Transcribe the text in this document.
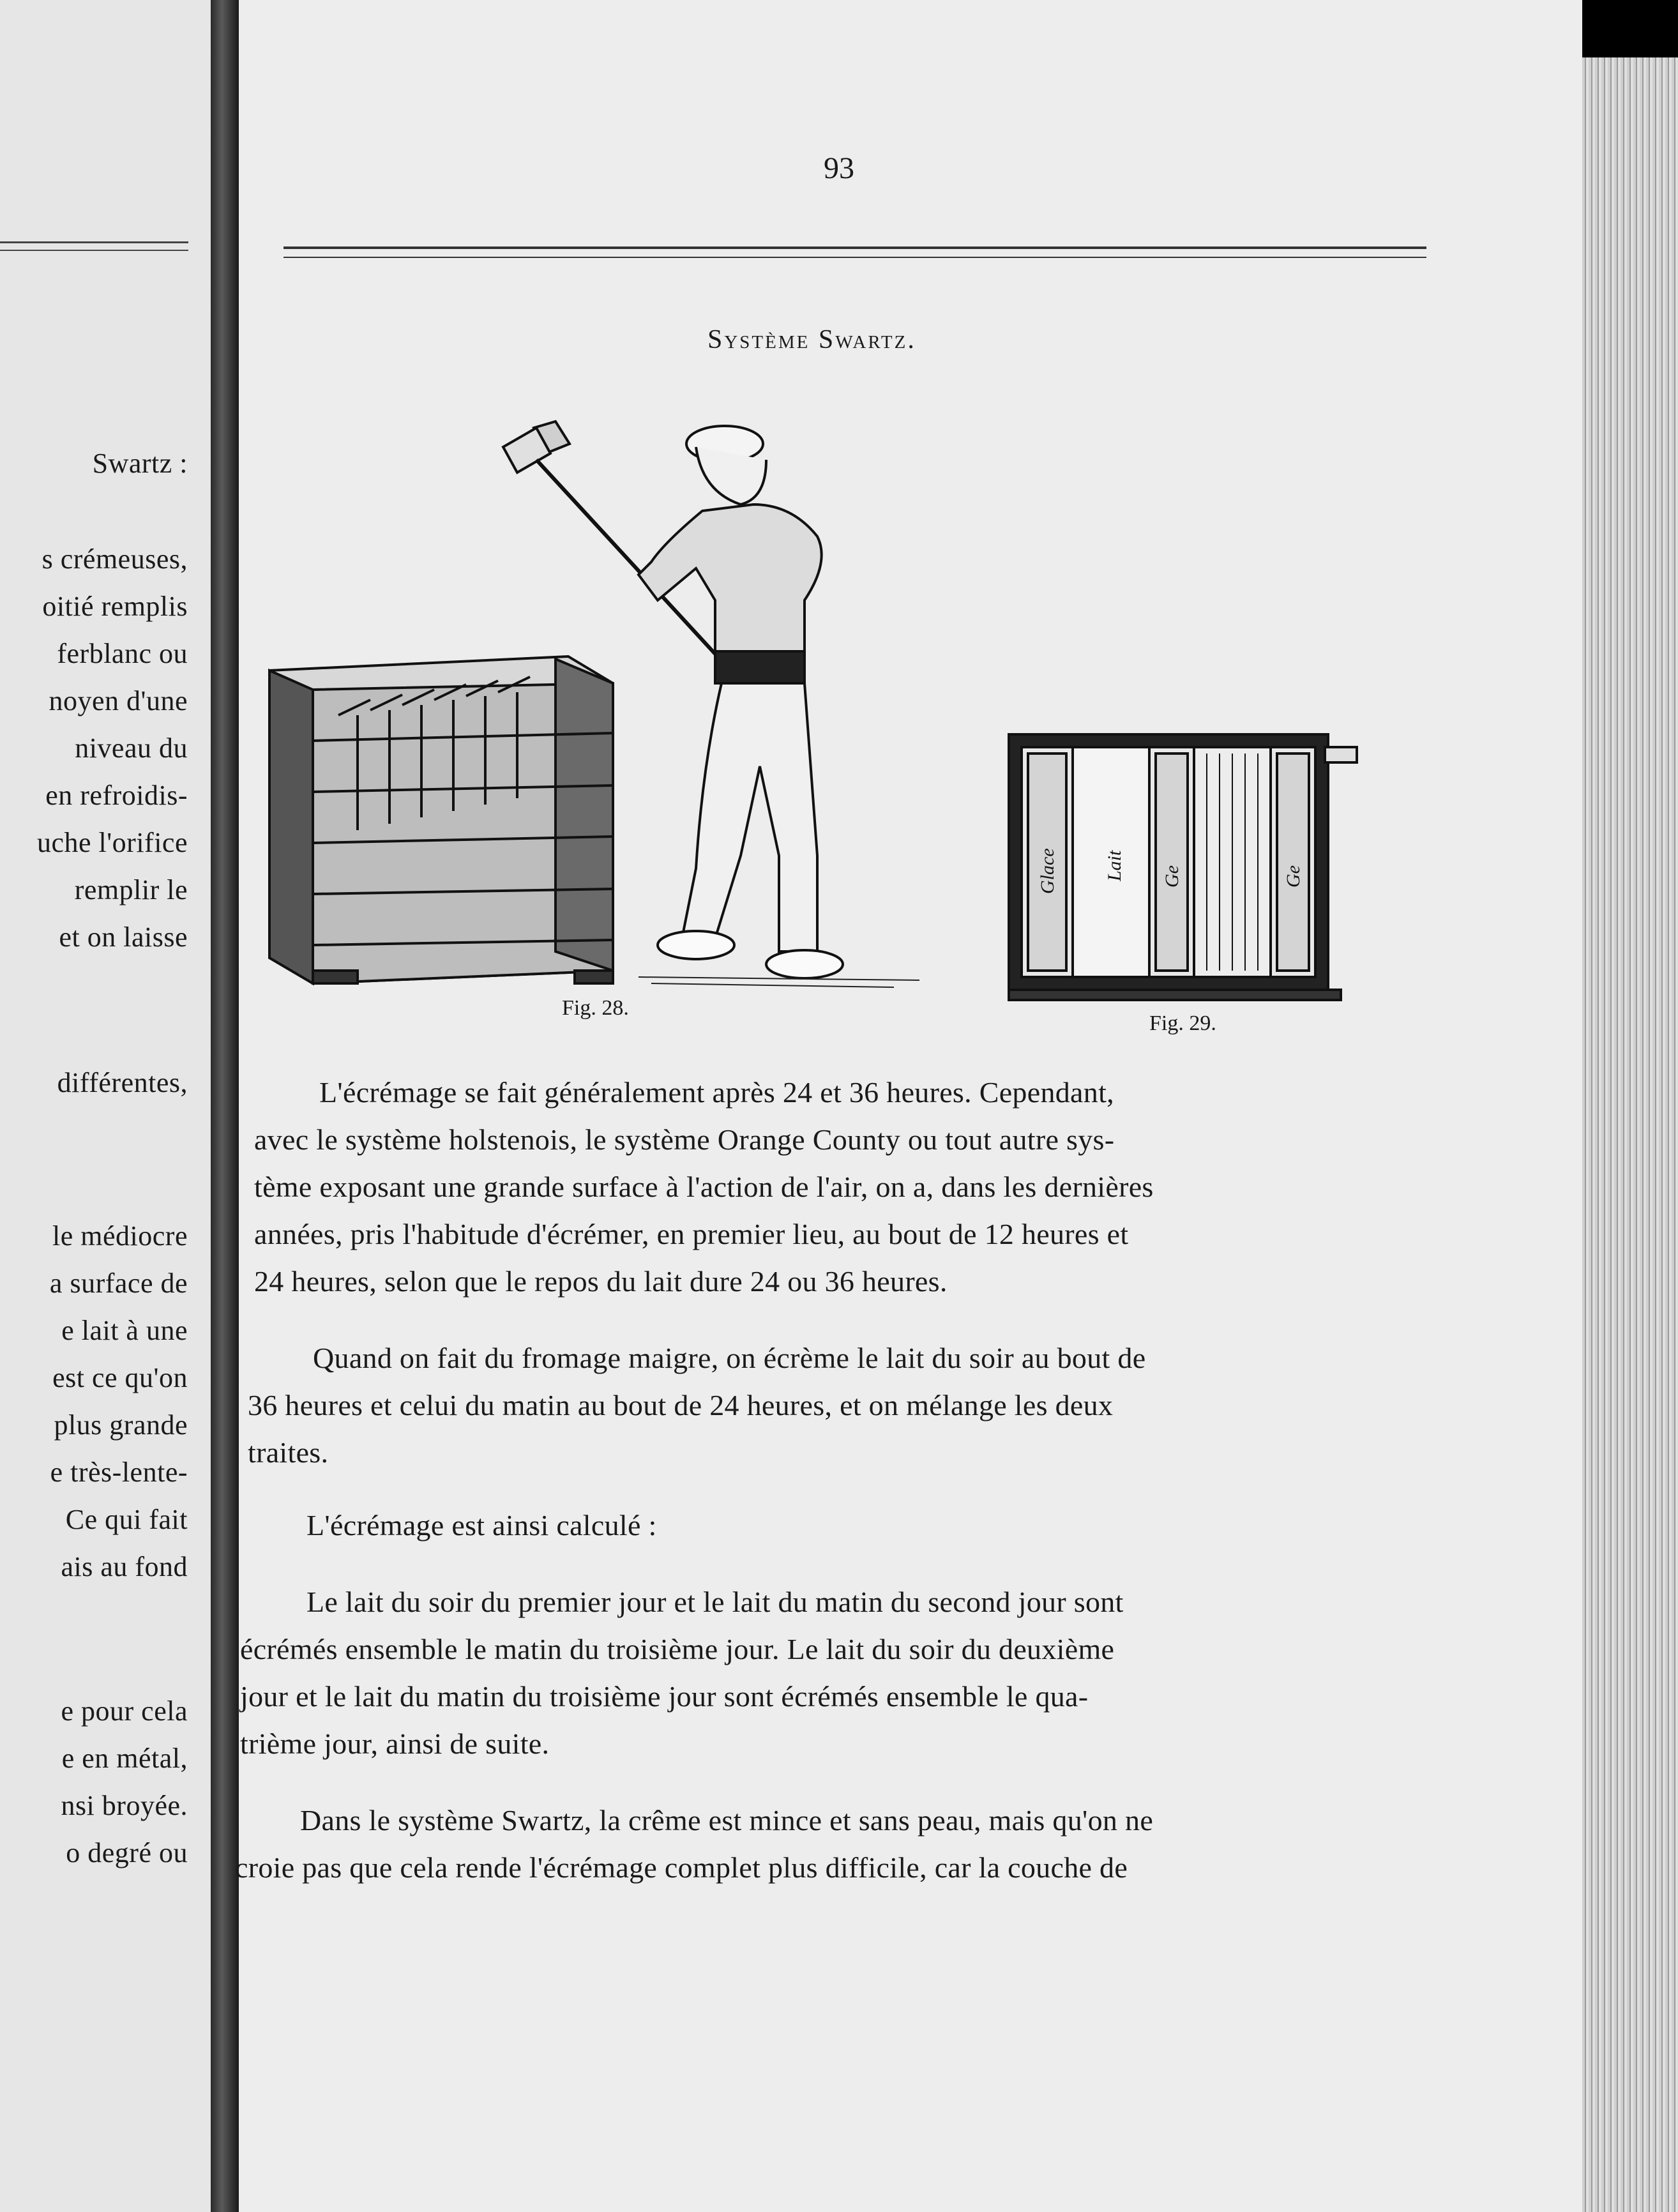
Swartz :
s crémeuses,
oitié remplis
ferblanc ou
noyen d'une
niveau du
en refroidis-
uche l'orifice
remplir le
et on laisse
différentes,
le médiocre
a surface de
e lait à une
est ce qu'on
plus grande
e très-lente-
Ce qui fait
ais au fond
e pour cela
e en métal,
nsi broyée.
o degré ou
93
Système Swartz.
Fig. 28.
Glace Lait Ge	Ge
Fig. 29.
L'écrémage se fait généralement après 24 et 36 heures. Cependant,
avec le système holstenois, le système Orange County ou tout autre sys-
tème exposant une grande surface à l'action de l'air, on a, dans les dernières
années, pris l'habitude d'écrémer, en premier lieu, au bout de 12 heures et
24 heures, selon que le repos du lait dure 24 ou 36 heures.
Quand on fait du fromage maigre, on écrème le lait du soir au bout de
36 heures et celui du matin au bout de 24 heures, et on mélange les deux
traites.
L'écrémage est ainsi calculé :
Le lait du soir du premier jour et le lait du matin du second jour sont
écrémés ensemble le matin du troisième jour. Le lait du soir du deuxième
jour et le lait du matin du troisième jour sont écrémés ensemble le qua-
trième jour, ainsi de suite.
Dans le système Swartz, la crême est mince et sans peau, mais qu'on ne
croie pas que cela rende l'écrémage complet plus difficile, car la couche de
